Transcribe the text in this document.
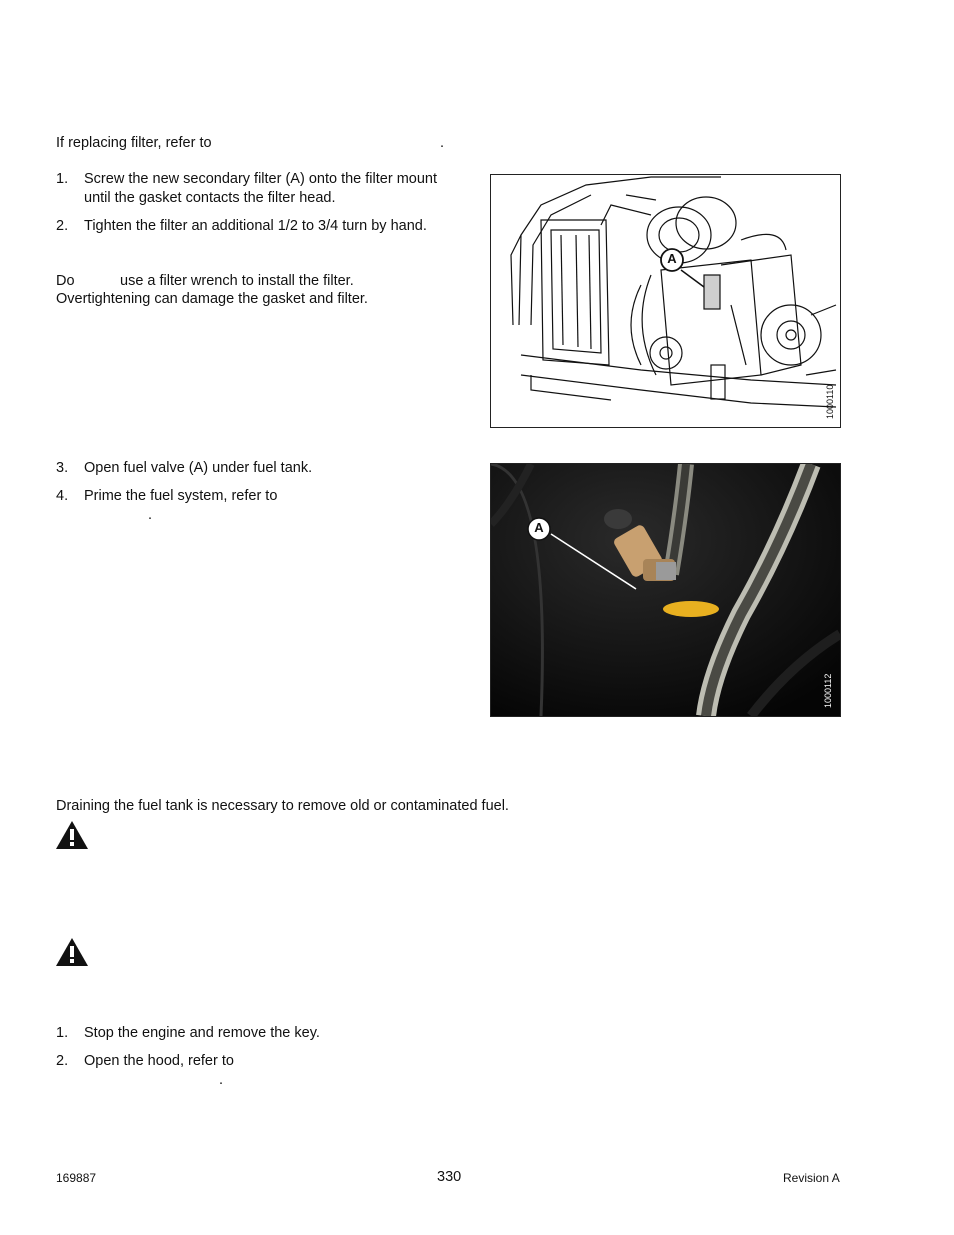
If replacing filter, refer to	.
1.	Screw the new secondary filter (A) onto the filter mount
until the gasket contacts the filter head.
2.	Tighten the filter an additional 1/2 to 3/4 turn by hand.
Do	use a filter wrench to install the filter.
Overtightening can damage the gasket and filter.
A
1000110
3.	Open fuel valve (A) under fuel tank.
4.	Prime the fuel system, refer to
.
A
1000112
Draining the fuel tank is necessary to remove old or contaminated fuel.
1.	Stop the engine and remove the key.
2.	Open the hood, refer to
.
169887	330	Revision A
